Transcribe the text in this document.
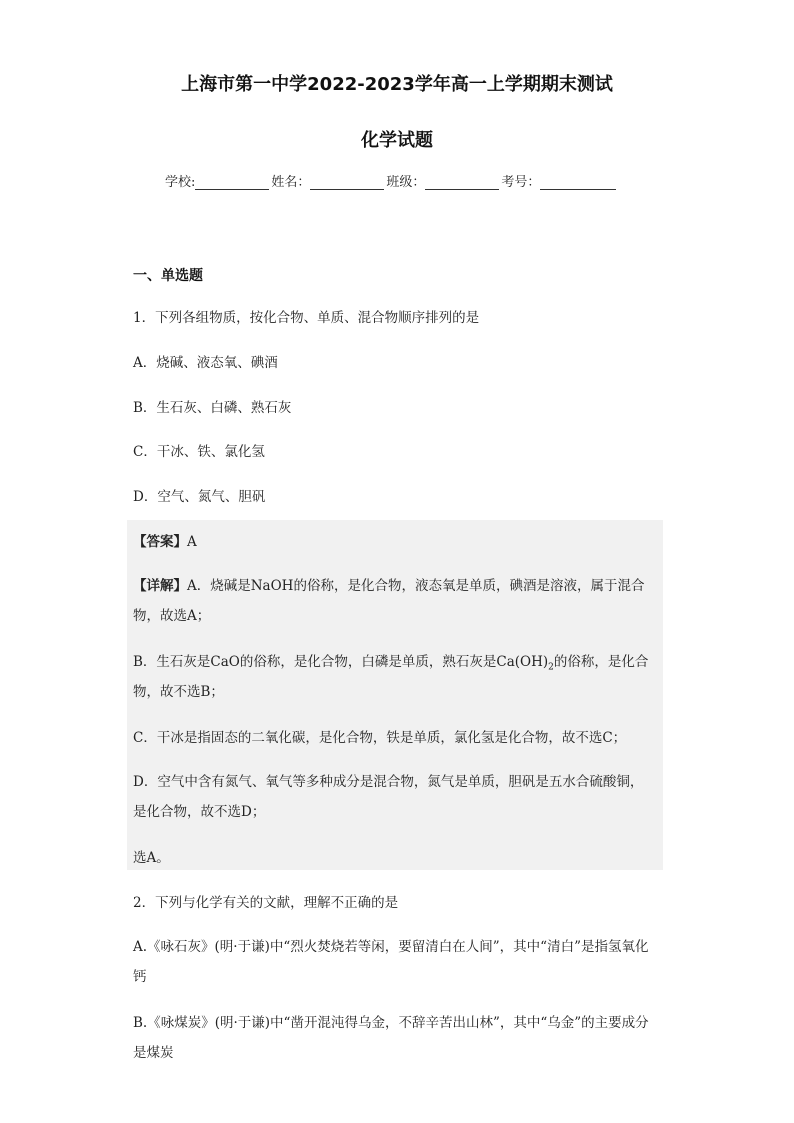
上海市第一中学2022-2023学年高一上学期期末测试
化学试题
学校:	姓名：	班级：	考号：
一、单选题
1．下列各组物质，按化合物、单质、混合物顺序排列的是
A．烧碱、液态氧、碘酒
B．生石灰、白磷、熟石灰
C．干冰、铁、氯化氢
D．空气、氮气、胆矾
【答案】A
【详解】A．烧碱是NaOH的俗称，是化合物，液态氧是单质，碘酒是溶液，属于混合
物，故选A；
B．生石灰是CaO的俗称，是化合物，白磷是单质，熟石灰是$Ca(OH)_2$的俗称，是化合
物，故不选B；
C．干冰是指固态的二氧化碳，是化合物，铁是单质，氯化氢是化合物，故不选C；
D．空气中含有氮气、氧气等多种成分是混合物，氮气是单质，胆矾是五水合硫酸铜，
是化合物，故不选D；
选A。
2．下列与化学有关的文献，理解不正确的是
A.《咏石灰》(明·于谦)中“烈火焚烧若等闲，要留清白在人间”，其中“清白”是指氢氧化
钙
B.《咏煤炭》(明·于谦)中“凿开混沌得乌金，不辞辛苦出山林”，其中“乌金”的主要成分
是煤炭
